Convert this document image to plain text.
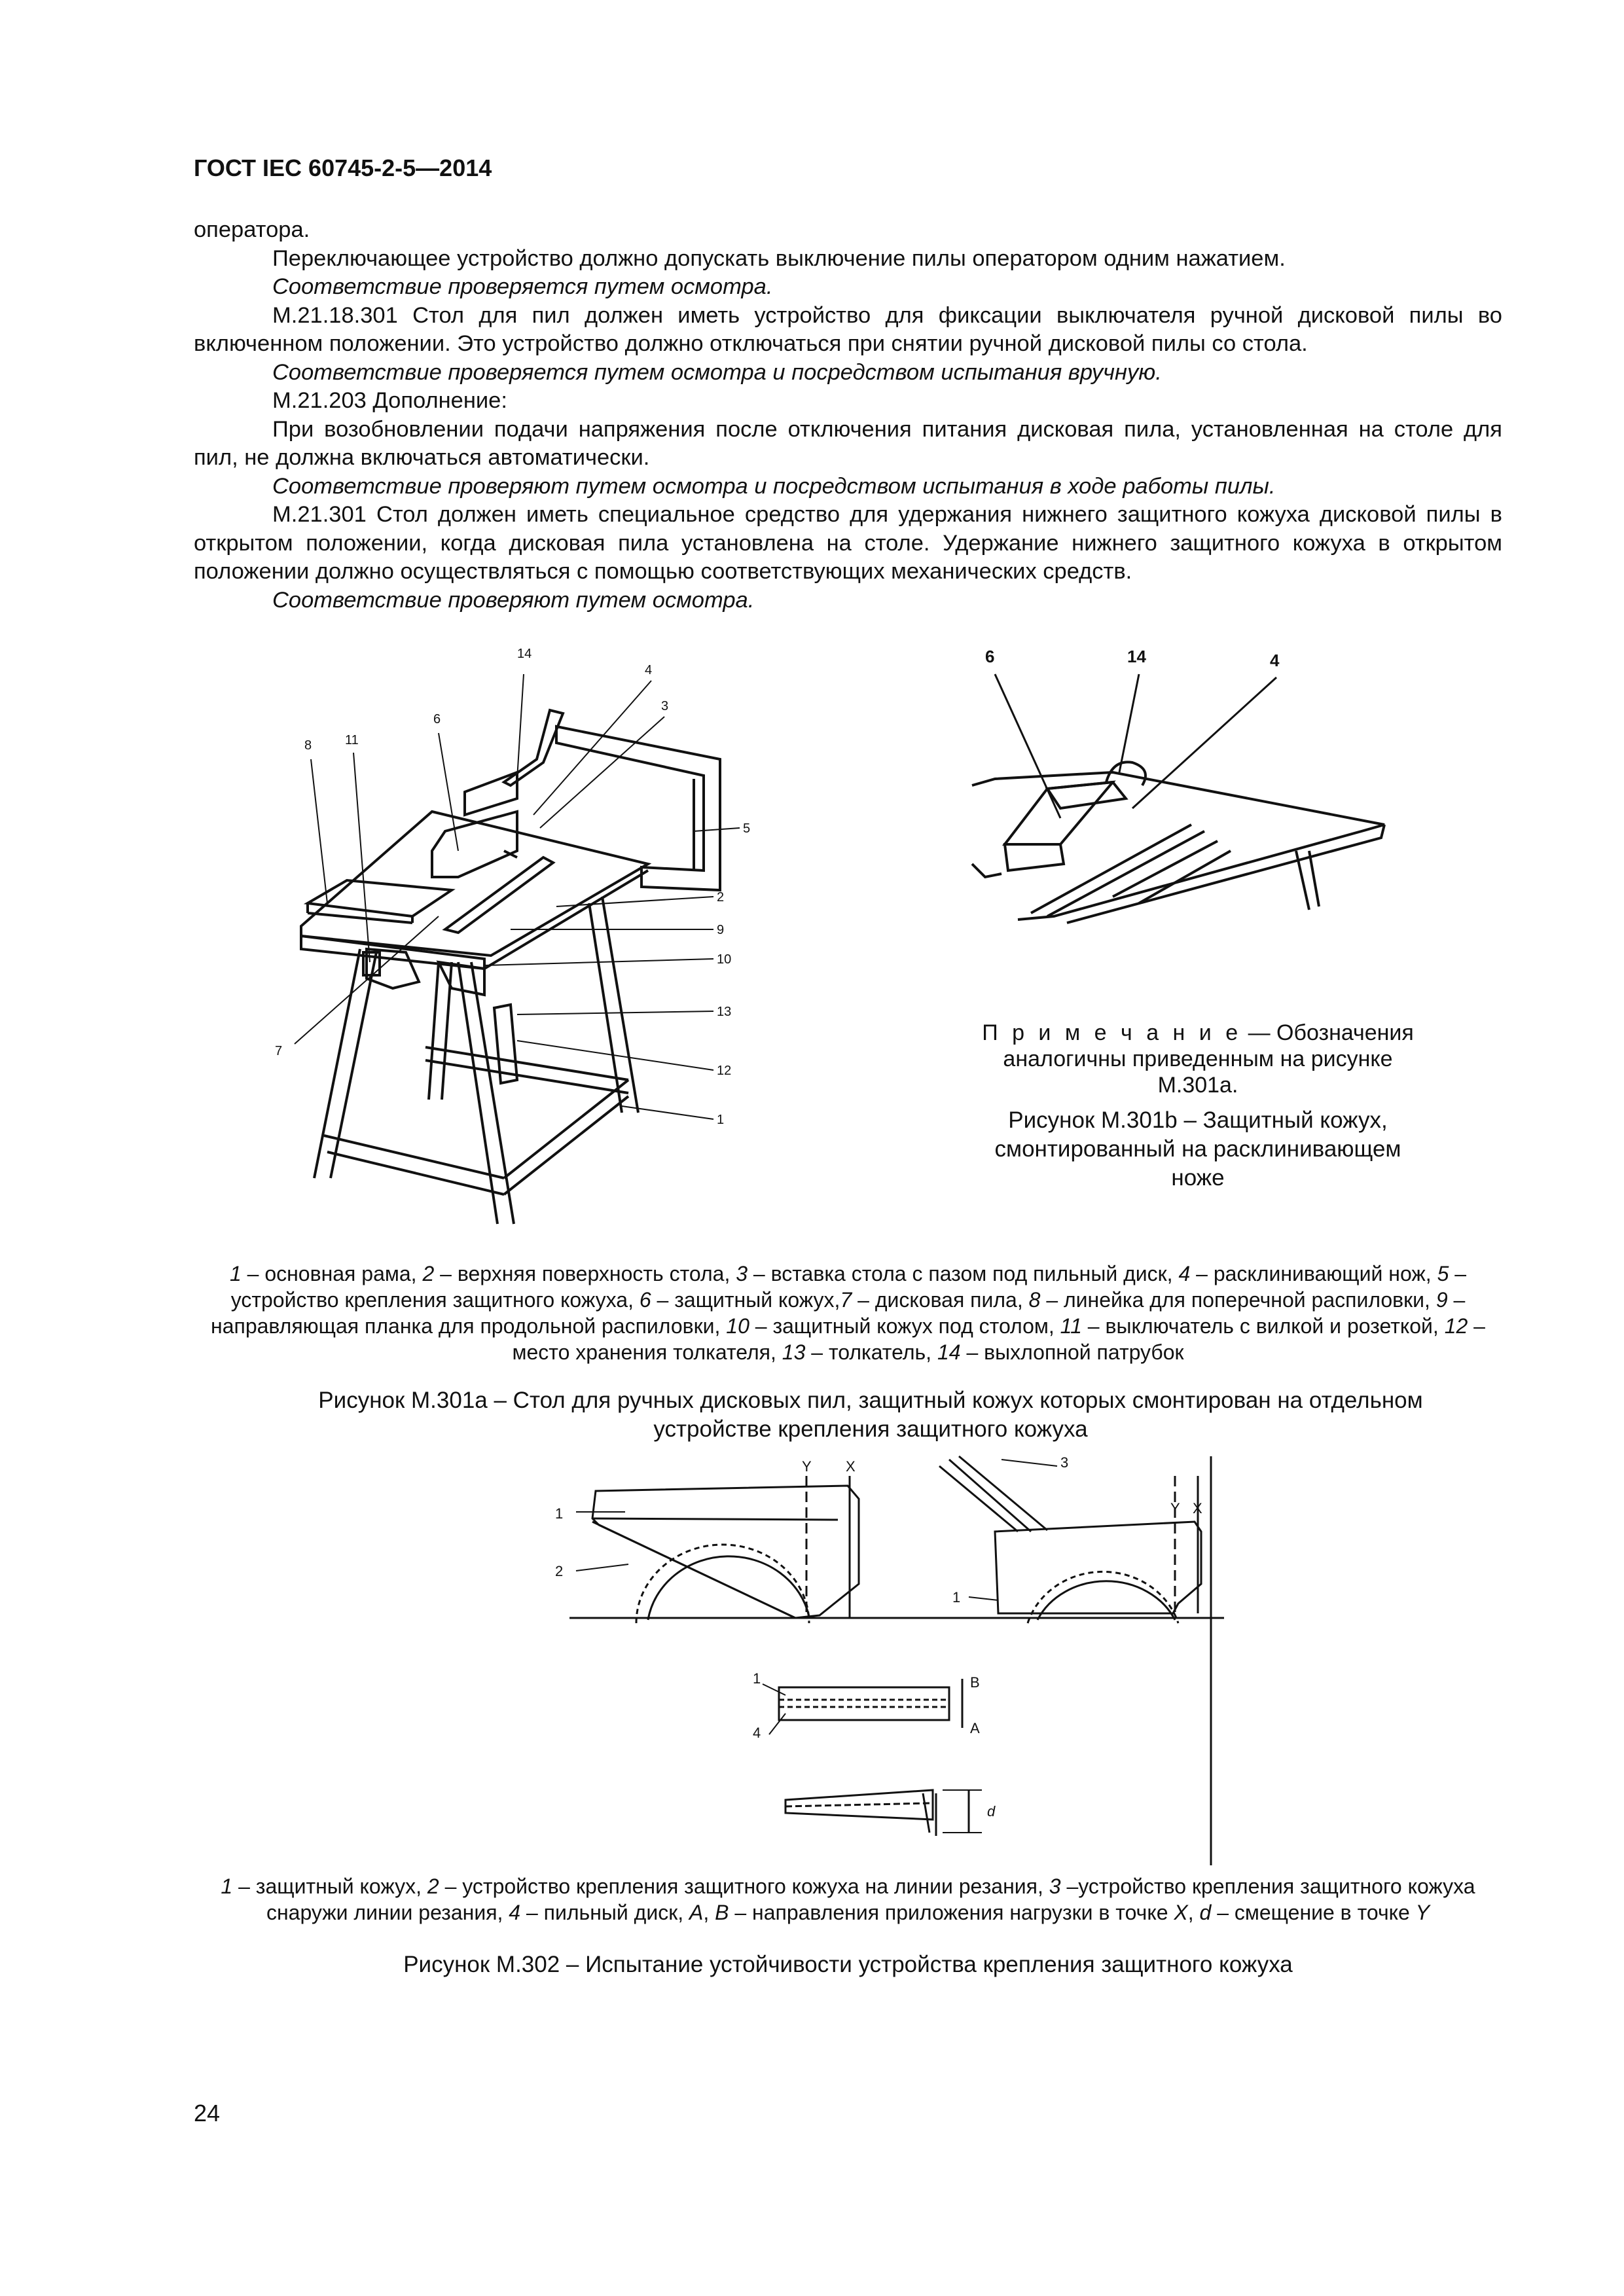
ГОСТ IEC 60745-2-5—2014

оператора.

Переключающее устройство должно допускать выключение пилы оператором одним нажатием.

Соответствие проверяется путем осмотра.

М.21.18.301 Стол для пил должен иметь устройство для фиксации выключателя ручной дисковой пилы во включенном положении. Это устройство должно отключаться при снятии ручной дисковой пилы со стола.

Соответствие проверяется путем осмотра и посредством испытания вручную.

М.21.203 Дополнение:

При возобновлении подачи напряжения после отключения питания дисковая пила, установленная на столе для пил, не должна включаться автоматически.

Соответствие проверяют путем осмотра и посредством испытания в ходе работы пилы.

М.21.301 Стол должен иметь специальное средство для удержания нижнего защитного кожуха дисковой пилы в открытом положении, когда дисковая пила установлена на столе. Удержание нижнего защитного кожуха в открытом положении должно осуществляться с помощью соответствующих механических средств.

Соответствие проверяют путем осмотра.

14
4
3
6
8	11
5
2
9
10
13
7
12
1
6	14	4
П р и м е ч а н и е — Обозначения аналогичны приведенным на рисунке М.301а.
Рисунок М.301b – Защитный кожух, смонтированный на расклинивающем ноже
1 – основная рама, 2 – верхняя поверхность стола, 3 – вставка стола с пазом под пильный диск, 4 – расклинивающий нож, 5 – устройство крепления защитного кожуха, 6 – защитный кожух,7 – дисковая пила, 8 – линейка для поперечной распиловки, 9 – направляющая планка для продольной распиловки, 10 – защитный кожух под столом, 11 – выключатель с вилкой и розеткой, 12 – место хранения толкателя, 13 – толкатель, 14 – выхлопной патрубок
Рисунок М.301а – Стол для ручных дисковых пил, защитный кожух которых смонтирован на отдельном устройстве крепления защитного кожуха
1
2
Y X	3
1
Y X
1
4
B
A
d
1 – защитный кожух, 2 – устройство крепления защитного кожуха на линии резания, 3 –устройство крепления защитного кожуха снаружи линии резания, 4 – пильный диск, A, B – направления приложения нагрузки в точке X, d – смещение в точке Y
Рисунок М.302 – Испытание устойчивости устройства крепления защитного кожуха
24
